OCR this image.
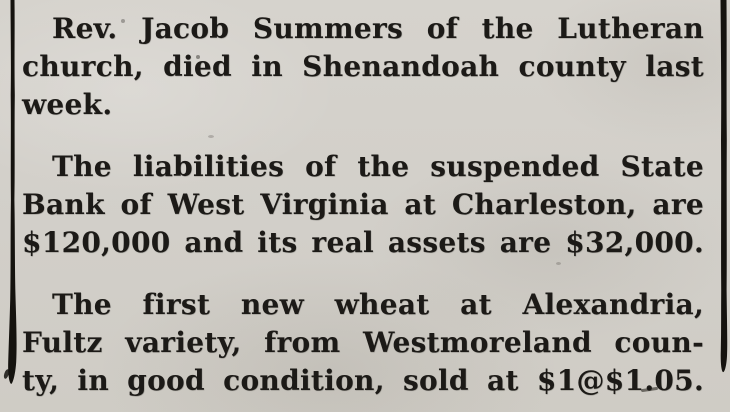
Rev. Jacob Summers of the Lutheran
church, died in Shenandoah county last
week.
The liabilities of the suspended State
Bank of West Virginia at Charleston, are
$120,000 and its real assets are $32,000.
The first new wheat at Alexandria,
Fultz variety, from Westmoreland coun-
ty, in good condition, sold at $1@$1.05.
